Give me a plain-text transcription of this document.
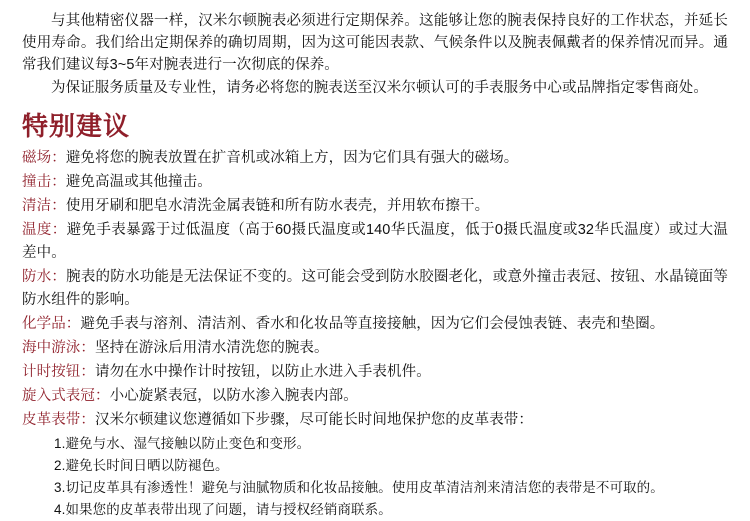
与其他精密仪器一样，汉米尔顿腕表必须进行定期保养。这能够让您的腕表保持良好的工作状态，并延长使用寿命。我们给出定期保养的确切周期，因为这可能因表款、气候条件以及腕表佩戴者的保养情况而异。通常我们建议每3~5年对腕表进行一次彻底的保养。

为保证服务质量及专业性，请务必将您的腕表送至汉米尔顿认可的手表服务中心或品牌指定零售商处。

特别建议
磁场：避免将您的腕表放置在扩音机或冰箱上方，因为它们具有强大的磁场。
撞击：避免高温或其他撞击。
清洁：使用牙刷和肥皂水清洗金属表链和所有防水表壳，并用软布擦干。
温度：避免手表暴露于过低温度（高于60摄氏温度或140华氏温度，低于0摄氏温度或32华氏温度）或过大温差中。
防水：腕表的防水功能是无法保证不变的。这可能会受到防水胶圈老化，或意外撞击表冠、按钮、水晶镜面等防水组件的影响。
化学品：避免手表与溶剂、清洁剂、香水和化妆品等直接接触，因为它们会侵蚀表链、表壳和垫圈。
海中游泳：坚持在游泳后用清水清洗您的腕表。
计时按钮：请勿在水中操作计时按钮，以防止水进入手表机件。
旋入式表冠：小心旋紧表冠，以防水渗入腕表内部。
皮革表带：汉米尔顿建议您遵循如下步骤，尽可能长时间地保护您的皮革表带：
1.避免与水、湿气接触以防止变色和变形。
2.避免长时间日晒以防褪色。
3.切记皮革具有渗透性！避免与油腻物质和化妆品接触。使用皮革清洁剂来清洁您的表带是不可取的。
4.如果您的皮革表带出现了问题，请与授权经销商联系。
